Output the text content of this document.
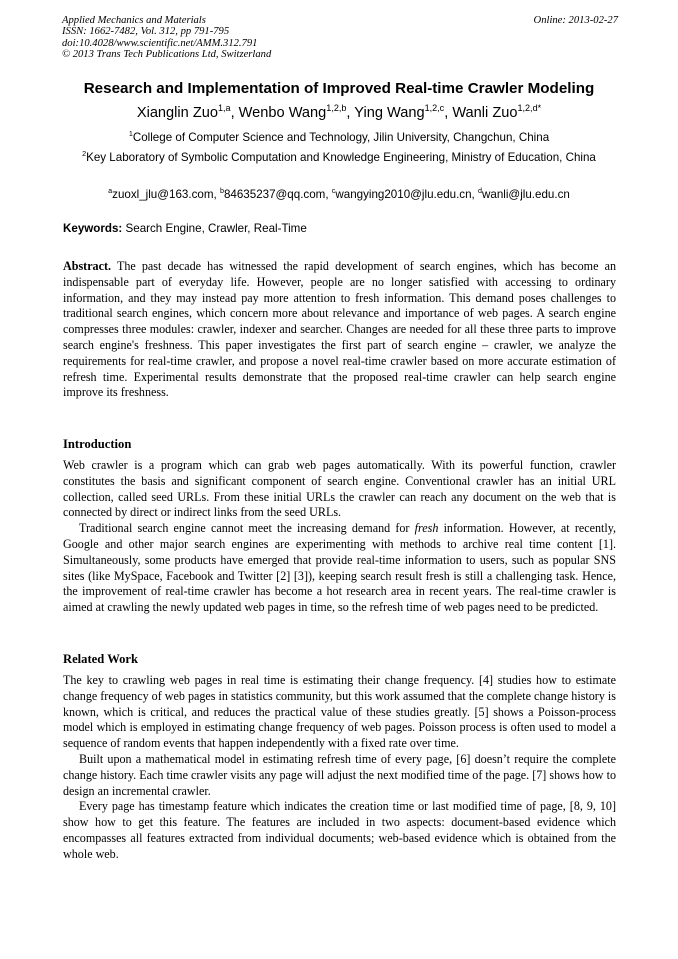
Applied Mechanics and Materials
ISSN: 1662-7482, Vol. 312, pp 791-795
doi:10.4028/www.scientific.net/AMM.312.791
© 2013 Trans Tech Publications Ltd, Switzerland
Online: 2013-02-27
Research and Implementation of Improved Real-time Crawler Modeling
Xianglin Zuo$^{1,a}$, Wenbo Wang$^{1,2,b}$, Ying Wang$^{1,2,c}$, Wanli Zuo$^{1,2,d*}$
$^1$College of Computer Science and Technology, Jilin University, Changchun, China
$^2$Key Laboratory of Symbolic Computation and Knowledge Engineering, Ministry of Education, China
$^a$zuoxl_jlu@163.com, $^b$84635237@qq.com, $^c$wangying2010@jlu.edu.cn, $^d$wanli@jlu.edu.cn
Keywords: Search Engine, Crawler, Real-Time

Abstract. The past decade has witnessed the rapid development of search engines, which has become an indispensable part of everyday life. However, people are no longer satisfied with accessing to ordinary information, and they may instead pay more attention to fresh information. This demand poses challenges to traditional search engines, which concern more about relevance and importance of web pages. A search engine compresses three modules: crawler, indexer and searcher. Changes are needed for all these three parts to improve search engine's freshness. This paper investigates the first part of search engine – crawler, we analyze the requirements for real-time crawler, and propose a novel real-time crawler based on more accurate estimation of refresh time. Experimental results demonstrate that the proposed real-time crawler can help search engine improve its freshness.

Introduction

Web crawler is a program which can grab web pages automatically. With its powerful function, crawler constitutes the basis and significant component of search engine. Conventional crawler has an initial URL collection, called seed URLs. From these initial URLs the crawler can reach any document on the web that is connected by direct or indirect links from the seed URLs.

Traditional search engine cannot meet the increasing demand for fresh information. However, at recently, Google and other major search engines are experimenting with methods to archive real time content [1]. Simultaneously, some products have emerged that provide real-time information to users, such as popular SNS sites (like MySpace, Facebook and Twitter [2] [3]), keeping search result fresh is still a challenging task. Hence, the improvement of real-time crawler has become a hot research area in recent years. The real-time crawler is aimed at crawling the newly updated web pages in time, so the refresh time of web pages need to be predicted.

Related Work

The key to crawling web pages in real time is estimating their change frequency. [4] studies how to estimate change frequency of web pages in statistics community, but this work assumed that the complete change history is known, which is critical, and reduces the practical value of these studies greatly. [5] shows a Poisson-process model which is employed in estimating change frequency of web pages. Poisson process is often used to model a sequence of random events that happen independently with a fixed rate over time.

Built upon a mathematical model in estimating refresh time of every page, [6] doesn’t require the complete change history. Each time crawler visits any page will adjust the next modified time of the page. [7] shows how to design an incremental crawler.

Every page has timestamp feature which indicates the creation time or last modified time of page, [8, 9, 10] show how to get this feature. The features are included in two aspects: document-based evidence which encompasses all features extracted from individual documents; web-based evidence which is obtained from the whole web.
